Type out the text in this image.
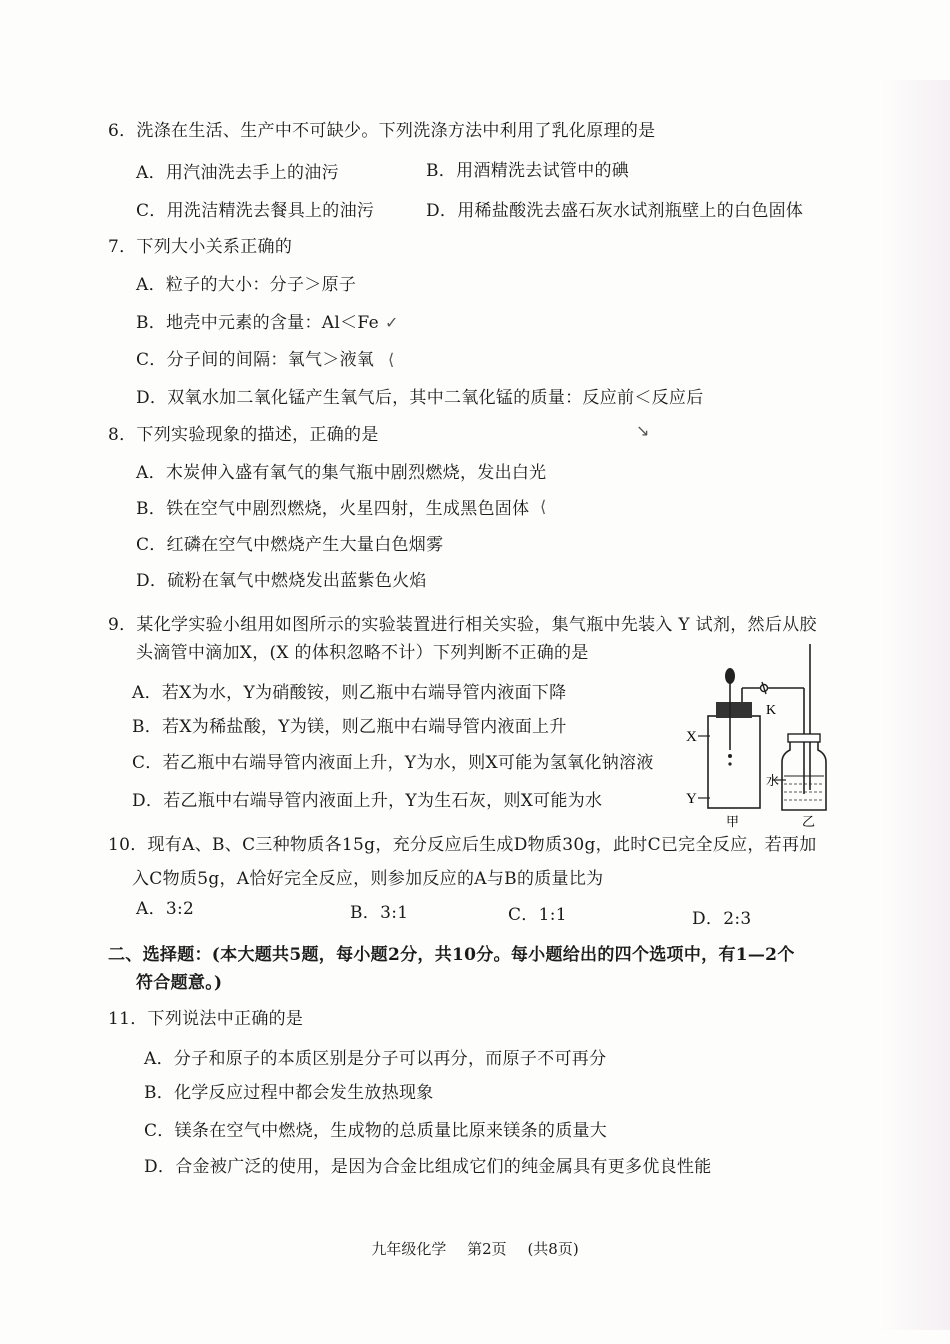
6．洗涤在生活、生产中不可缺少。下列洗涤方法中利用了乳化原理的是
A．用汽油洗去手上的油污	B．用酒精洗去试管中的碘
C．用洗洁精洗去餐具上的油污	D．用稀盐酸洗去盛石灰水试剂瓶壁上的白色固体
7．下列大小关系正确的
A．粒子的大小：分子＞原子
B．地壳中元素的含量：Al＜Fe ✓
C．分子间的间隔：氧气＞液氧 ⟨
D．双氧水加二氧化锰产生氧气后，其中二氧化锰的质量：反应前＜反应后
8．下列实验现象的描述，正确的是	↘
A．木炭伸入盛有氧气的集气瓶中剧烈燃烧，发出白光
B．铁在空气中剧烈燃烧，火星四射，生成黑色固体 ⟨
C．红磷在空气中燃烧产生大量白色烟雾
D．硫粉在氧气中燃烧发出蓝紫色火焰
9．某化学实验小组用如图所示的实验装置进行相关实验，集气瓶中先装入 Y 试剂，然后从胶
头滴管中滴加X，(X 的体积忽略不计）下列判断不正确的是
A．若X为水，Y为硝酸铵，则乙瓶中右端导管内液面下降
B．若X为稀盐酸，Y为镁，则乙瓶中右端导管内液面上升
C．若乙瓶中右端导管内液面上升，Y为水，则X可能为氢氧化钠溶液
D．若乙瓶中右端导管内液面上升，Y为生石灰，则X可能为水
X
Y
K
水
甲	乙
10．现有A、B、C三种物质各15g，充分反应后生成D物质30g，此时C已完全反应，若再加
入C物质5g，A恰好完全反应，则参加反应的A与B的质量比为
A．3:2	B．3:1	C．1:1	D．2:3
二、选择题：(本大题共5题，每小题2分，共10分。每小题给出的四个选项中，有1—2个
符合题意。)
11．下列说法中正确的是
A．分子和原子的本质区别是分子可以再分，而原子不可再分
B．化学反应过程中都会发生放热现象
C．镁条在空气中燃烧，生成物的总质量比原来镁条的质量大
D．合金被广泛的使用，是因为合金比组成它们的纯金属具有更多优良性能
九年级化学 第2页 (共8页)
